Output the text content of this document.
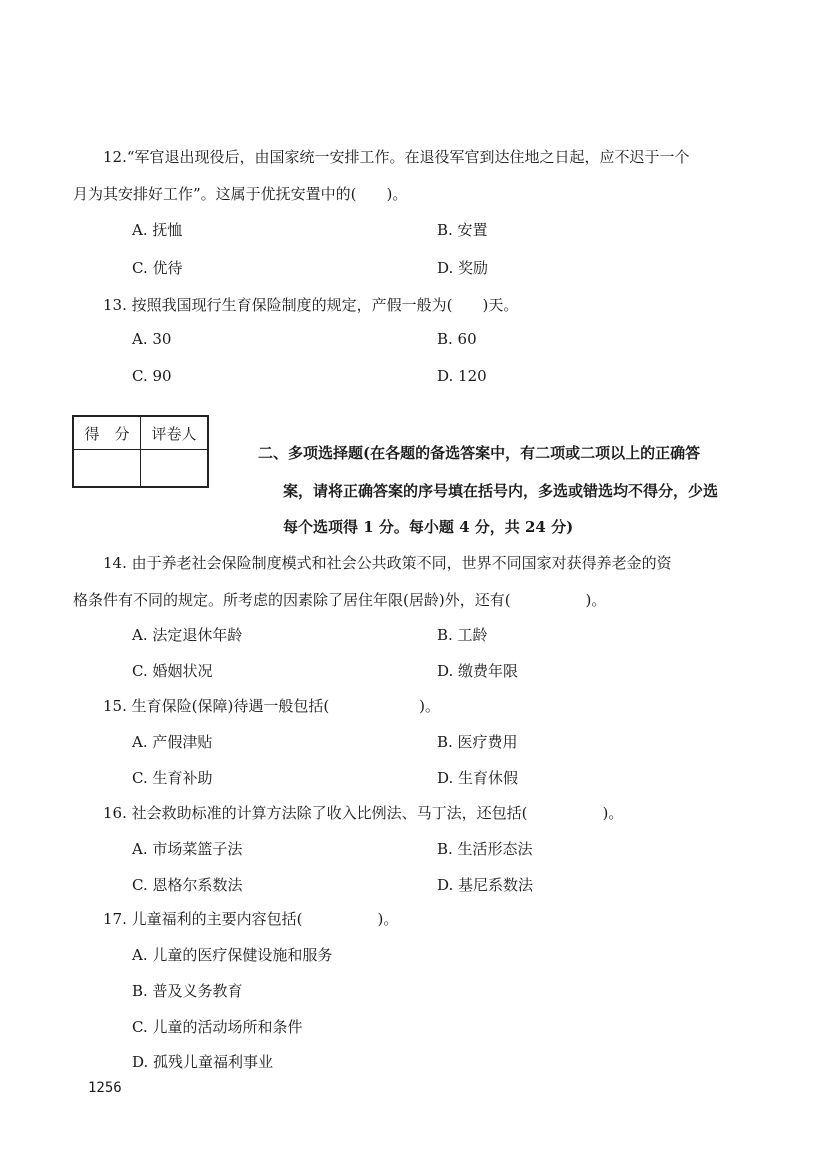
12.“军官退出现役后，由国家统一安排工作。在退役军官到达住地之日起，应不迟于一个
月为其安排好工作”。这属于优抚安置中的(　　)。
A. 抚恤	B. 安置
C. 优待	D. 奖励
13. 按照我国现行生育保险制度的规定，产假一般为(　　)天。
A. 30	B. 60
C. 90	D. 120
得　分	评卷人

二、多项选择题(在各题的备选答案中，有二项或二项以上的正确答
案，请将正确答案的序号填在括号内，多选或错选均不得分，少选
每个选项得 1 分。每小题 4 分，共 24 分)
14. 由于养老社会保险制度模式和社会公共政策不同，世界不同国家对获得养老金的资
格条件有不同的规定。所考虑的因素除了居住年限(居龄)外，还有(　　　　　)。
A. 法定退休年龄	B. 工龄
C. 婚姻状况	D. 缴费年限
15. 生育保险(保障)待遇一般包括(　　　　　　)。
A. 产假津贴	B. 医疗费用
C. 生育补助	D. 生育休假
16. 社会救助标准的计算方法除了收入比例法、马丁法，还包括(　　　　　)。
A. 市场菜篮子法	B. 生活形态法
C. 恩格尔系数法	D. 基尼系数法
17. 儿童福利的主要内容包括(　　　　　)。
A. 儿童的医疗保健设施和服务
B. 普及义务教育
C. 儿童的活动场所和条件
D. 孤残儿童福利事业
1256
